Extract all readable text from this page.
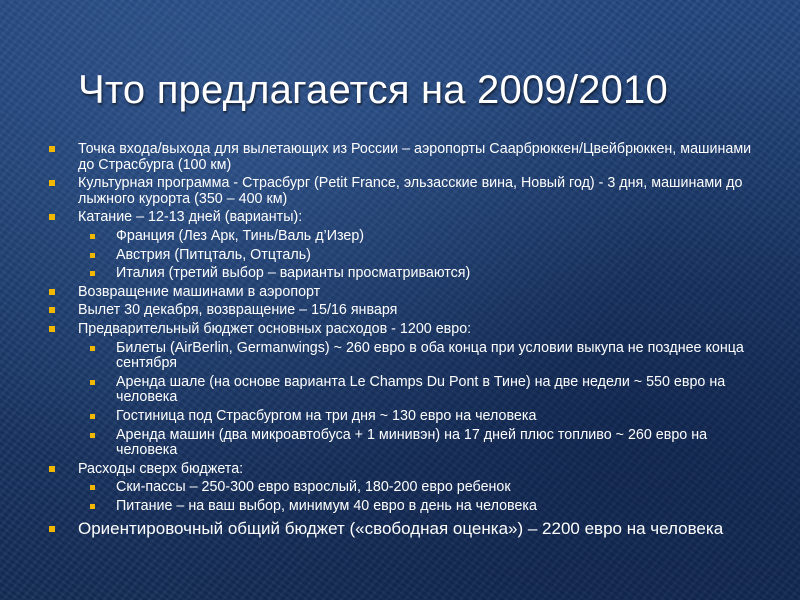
Что предлагается на 2009/2010
Точка входа/выхода для вылетающих из России – аэропорты Саарбрюккен/Цвейбрюккен, машинами до Страсбурга (100 км)
Культурная программа - Страсбург (Petit France, эльзасские вина, Новый год) - 3 дня, машинами до лыжного курорта (350 – 400 км)
Катание – 12-13 дней (варианты):
Франция (Лез Арк, Тинь/Валь д’Изер)
Австрия (Питцталь, Отцталь)
Италия (третий выбор – варианты просматриваются)
Возвращение машинами в аэропорт
Вылет 30 декабря, возвращение – 15/16 января
Предварительный бюджет основных расходов - 1200 евро:
Билеты (AirBerlin, Germanwings) ~ 260 евро в оба конца при условии выкупа не позднее конца сентября
Аренда шале (на основе варианта Le Champs Du Pont в Тине) на две недели ~ 550 евро на человека
Гостиница под Страсбургом на три дня ~ 130 евро на человека
Аренда машин (два микроавтобуса + 1 минивэн) на 17 дней плюс топливо ~ 260 евро на человека
Расходы сверх бюджета:
Ски-пассы – 250-300 евро взрослый, 180-200 евро ребенок
Питание – на ваш выбор, минимум 40 евро в день на человека
Ориентировочный общий бюджет («свободная оценка») – 2200 евро на человека
